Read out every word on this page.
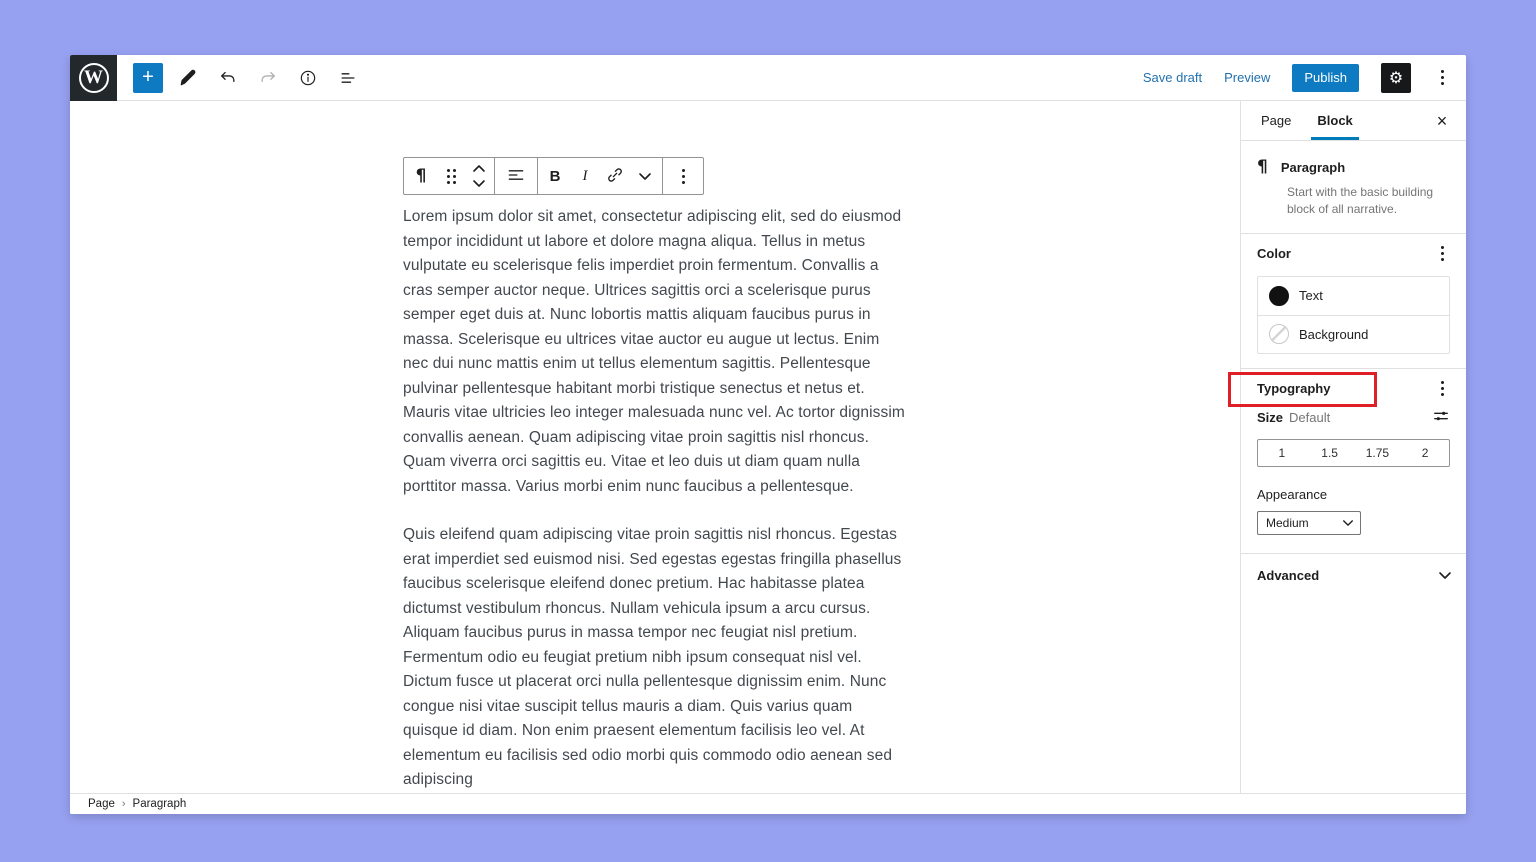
W +	Save draft Preview	Publish	⚙
¶	B	I

Lorem ipsum dolor sit amet, consectetur adipiscing elit, sed do eiusmod tempor incididunt ut labore et dolore magna aliqua. Tellus in metus vulputate eu scelerisque felis imperdiet proin fermentum. Convallis a cras semper auctor neque. Ultrices sagittis orci a scelerisque purus semper eget duis at. Nunc lobortis mattis aliquam faucibus purus in massa. Scelerisque eu ultrices vitae auctor eu augue ut lectus. Enim nec dui nunc mattis enim ut tellus elementum sagittis. Pellentesque pulvinar pellentesque habitant morbi tristique senectus et netus et. Mauris vitae ultricies leo integer malesuada nunc vel. Ac tortor dignissim convallis aenean. Quam adipiscing vitae proin sagittis nisl rhoncus. Quam viverra orci sagittis eu. Vitae et leo duis ut diam quam nulla porttitor massa. Varius morbi enim nunc faucibus a pellentesque.

Quis eleifend quam adipiscing vitae proin sagittis nisl rhoncus. Egestas erat imperdiet sed euismod nisi. Sed egestas egestas fringilla phasellus faucibus scelerisque eleifend donec pretium. Hac habitasse platea dictumst vestibulum rhoncus. Nullam vehicula ipsum a arcu cursus. Aliquam faucibus purus in massa tempor nec feugiat nisl pretium. Fermentum odio eu feugiat pretium nibh ipsum consequat nisl vel. Dictum fusce ut placerat orci nulla pellentesque dignissim enim. Nunc congue nisi vitae suscipit tellus mauris a diam. Quis varius quam quisque id diam. Non enim praesent elementum facilisis leo vel. At elementum eu facilisis sed odio morbi quis commodo odio aenean sed adipiscing

Page	Block	×
¶ Paragraph
Start with the basic building block of all narrative.
Color
Text
Background
Typography
Size Default
1	1.5	1.75	2
Appearance
Medium
Advanced
Page › Paragraph
